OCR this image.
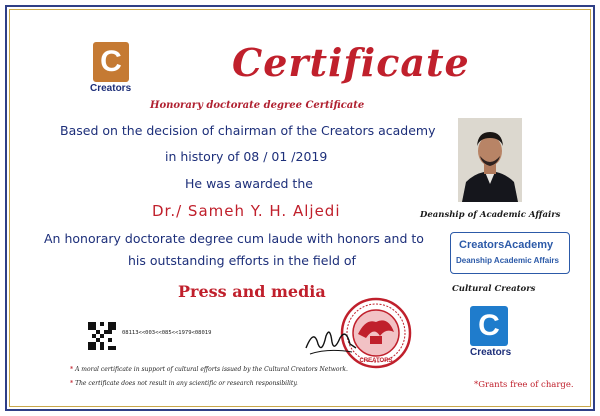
C
Creators
Certificate
Honorary doctorate degree Certificate
Based on the decision of chairman of the Creators academy
in history of 08 / 01 /2019
He was awarded the
Dr./ Sameh Y. H. Aljedi
An honorary doctorate degree cum laude with honors and to
his outstanding efforts in the field of
Press and media
Deanship of Academic Affairs
CreatorsAcademy
Deanship Academic Affairs
Cultural Creators
C
Creators
CREATORS
08113<<003<<085<<1979<08019
* A moral certificate in support of cultural efforts issued by the Cultural Creators Network.
* The certificate does not result in any scientific or research responsibility.	*Grants free of charge.
